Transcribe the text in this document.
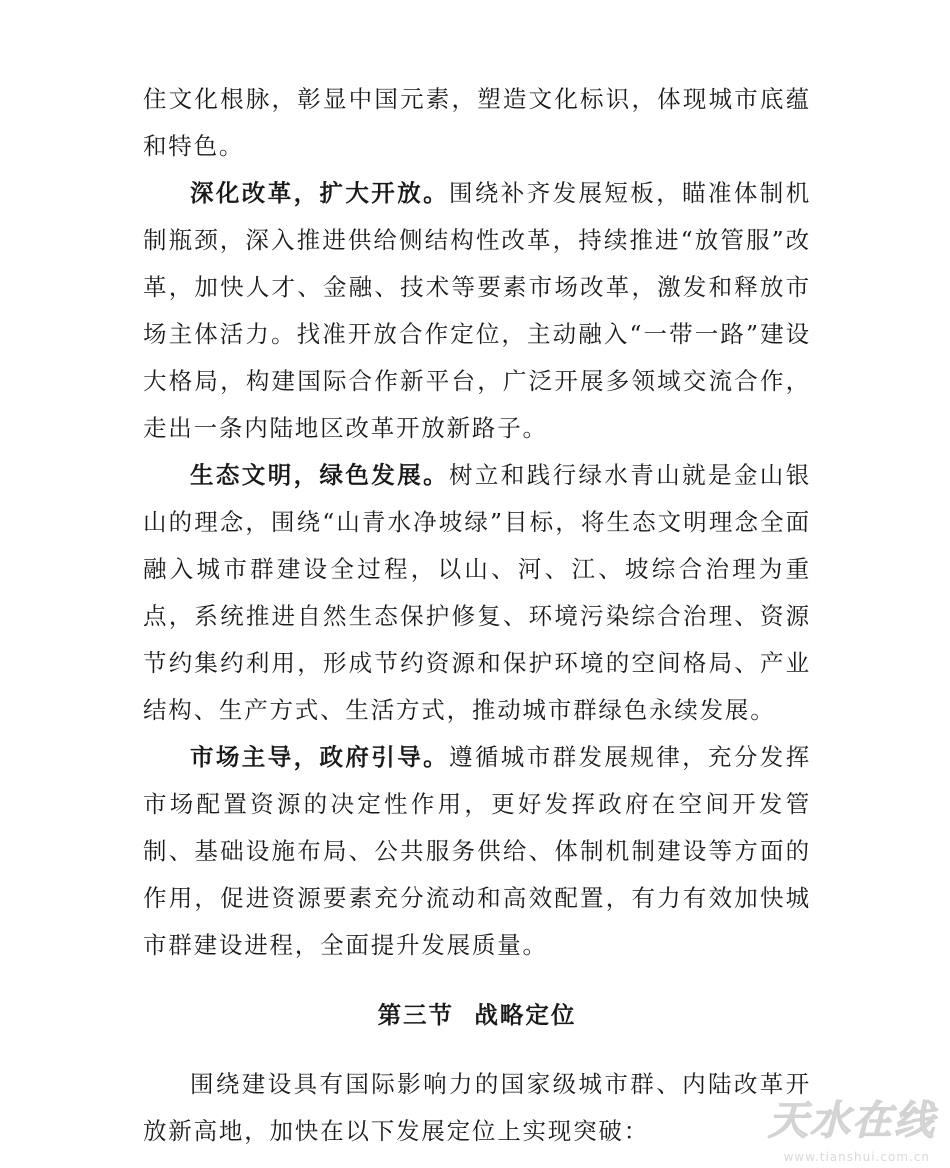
住文化根脉，彰显中国元素，塑造文化标识，体现城市底蕴和特色。

深化改革，扩大开放。围绕补齐发展短板，瞄准体制机制瓶颈，深入推进供给侧结构性改革，持续推进“放管服”改革，加快人才、金融、技术等要素市场改革，激发和释放市场主体活力。找准开放合作定位，主动融入“一带一路”建设大格局，构建国际合作新平台，广泛开展多领域交流合作，走出一条内陆地区改革开放新路子。

生态文明，绿色发展。树立和践行绿水青山就是金山银山的理念，围绕“山青水净坡绿”目标，将生态文明理念全面融入城市群建设全过程，以山、河、江、坡综合治理为重点，系统推进自然生态保护修复、环境污染综合治理、资源节约集约利用，形成节约资源和保护环境的空间格局、产业结构、生产方式、生活方式，推动城市群绿色永续发展。

市场主导，政府引导。遵循城市群发展规律，充分发挥市场配置资源的决定性作用，更好发挥政府在空间开发管制、基础设施布局、公共服务供给、体制机制建设等方面的作用，促进资源要素充分流动和高效配置，有力有效加快城市群建设进程，全面提升发展质量。

第三节  战略定位

围绕建设具有国际影响力的国家级城市群、内陆改革开放新高地，加快在以下发展定位上实现突破：	天水在线
www.tianshui.com.cn
